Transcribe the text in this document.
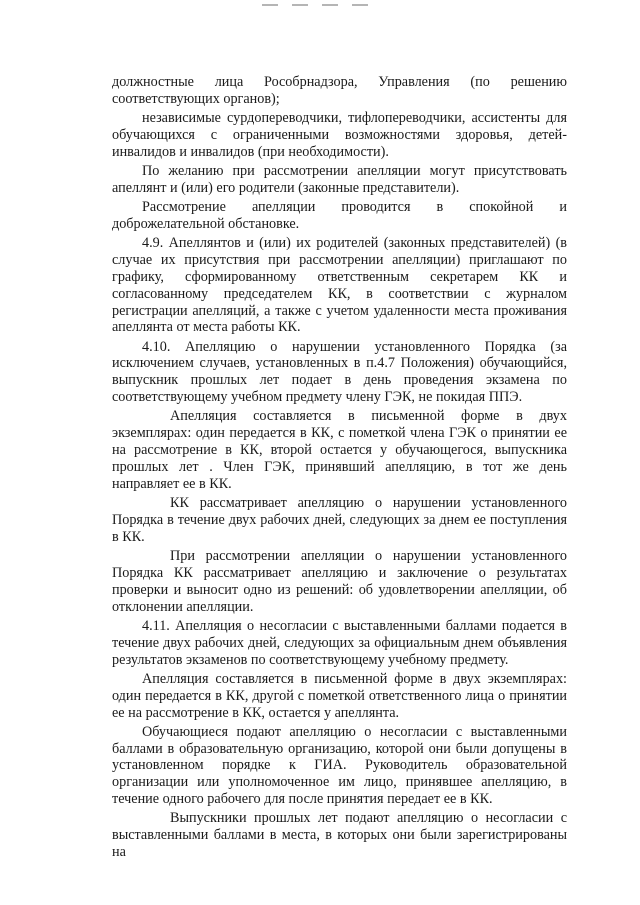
должностные лица Рособрнадзора, Управления (по решению соответствующих органов);

независимые сурдопереводчики, тифлопереводчики, ассистенты для обучающихся с ограниченными возможностями здоровья, детей-инвалидов и инвалидов (при необходимости).

По желанию при рассмотрении апелляции могут присутствовать апеллянт и (или) его родители (законные представители).

Рассмотрение апелляции проводится в спокойной и доброжелательной обстановке.

4.9. Апеллянтов и (или) их родителей (законных представителей) (в случае их присутствия при рассмотрении апелляции) приглашают по графику, сформированному ответственным секретарем КК и согласованному председателем КК, в соответствии с журналом регистрации апелляций, а также с учетом удаленности места проживания апеллянта от места работы КК.

4.10. Апелляцию о нарушении установленного Порядка (за исключением случаев, установленных в п.4.7 Положения) обучающийся, выпускник прошлых лет подает в день проведения экзамена по соответствующему учебном предмету члену ГЭК, не покидая ППЭ.

Апелляция составляется в письменной форме в двух экземплярах: один передается в КК, с пометкой члена ГЭК о принятии ее на рассмотрение в КК, второй остается у обучающегося, выпускника прошлых лет . Член ГЭК, принявший апелляцию, в тот же день направляет ее в КК.

КК рассматривает апелляцию о нарушении установленного Порядка в течение двух рабочих дней, следующих за днем ее поступления в КК.

При рассмотрении апелляции о нарушении установленного Порядка КК рассматривает апелляцию и заключение о результатах проверки и выносит одно из решений: об удовлетворении апелляции, об отклонении апелляции.

4.11. Апелляция о несогласии с выставленными баллами подается в течение двух рабочих дней, следующих за официальным днем объявления результатов экзаменов по соответствующему учебному предмету.

Апелляция составляется в письменной форме в двух экземплярах: один передается в КК, другой с пометкой ответственного лица о принятии ее на рассмотрение в КК, остается у апеллянта.

Обучающиеся подают апелляцию о несогласии с выставленными баллами в образовательную организацию, которой они были допущены в установленном порядке к ГИА. Руководитель образовательной организации или уполномоченное им лицо, принявшее апелляцию, в течение одного рабочего для после принятия передает ее в КК.

Выпускники прошлых лет подают апелляцию о несогласии с выставленными баллами в места, в которых они были зарегистрированы на
